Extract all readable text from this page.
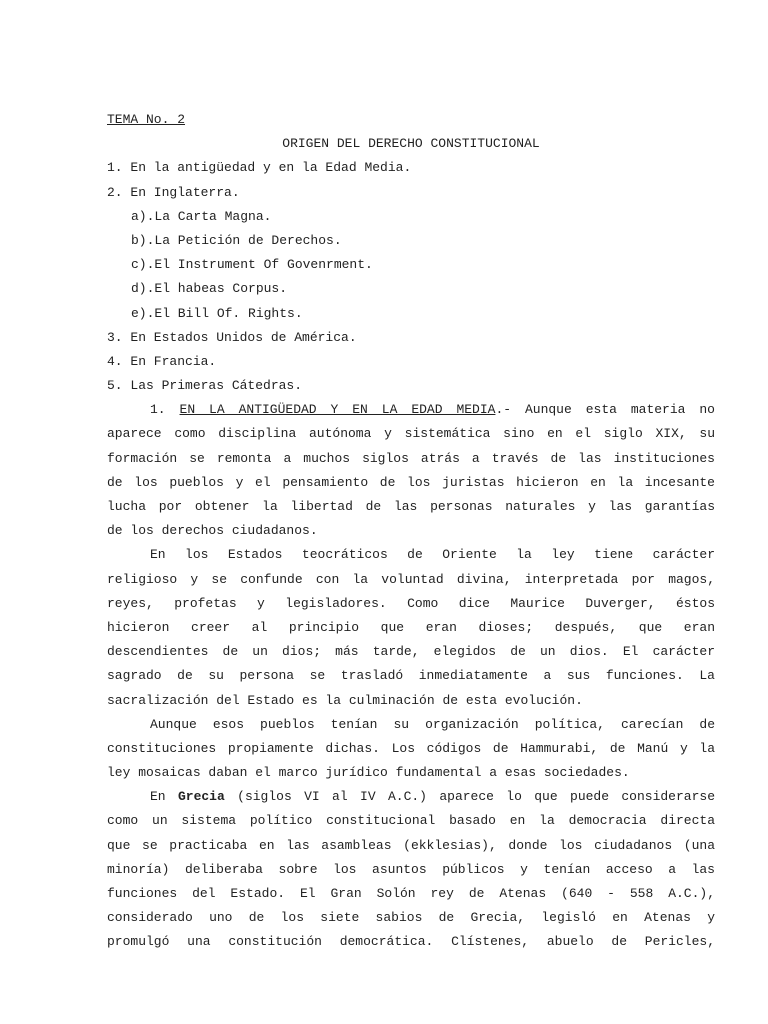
TEMA No. 2
ORIGEN DEL DERECHO CONSTITUCIONAL
1. En la antigüedad y en la Edad Media.
2. En Inglaterra.
a).La Carta Magna.
b).La Petición de Derechos.
c).El Instrument Of Govenrment.
d).El habeas Corpus.
e).El Bill Of. Rights.
3. En Estados Unidos de América.
4. En Francia.
5. Las Primeras Cátedras.
1. EN LA ANTIGÜEDAD Y EN LA EDAD MEDIA.- Aunque esta materia no
aparece como disciplina autónoma y sistemática sino en el siglo XIX, su
formación se remonta a muchos siglos atrás a través de las instituciones
de los pueblos y el pensamiento de los juristas hicieron en la incesante
lucha por obtener la libertad de las personas naturales y las garantías
de los derechos ciudadanos.
En los Estados teocráticos de Oriente la ley tiene carácter
religioso y se confunde con la voluntad divina, interpretada por magos,
reyes, profetas y legisladores. Como dice Maurice Duverger, éstos
hicieron creer al principio que eran dioses; después, que eran
descendientes de un dios; más tarde, elegidos de un dios. El carácter
sagrado de su persona se trasladó inmediatamente a sus funciones. La
sacralización del Estado es la culminación de esta evolución.
Aunque esos pueblos tenían su organización política, carecían de
constituciones propiamente dichas. Los códigos de Hammurabi, de Manú y la
ley mosaicas daban el marco jurídico fundamental a esas sociedades.
En Grecia (siglos VI al IV A.C.) aparece lo que puede considerarse
como un sistema político constitucional basado en la democracia directa
que se practicaba en las asambleas (ekklesias), donde los ciudadanos (una
minoría) deliberaba sobre los asuntos públicos y tenían acceso a las
funciones del Estado. El Gran Solón rey de Atenas (640 - 558 A.C.),
considerado uno de los siete sabios de Grecia, legisló en Atenas y
promulgó una constitución democrática. Clístenes, abuelo de Pericles,
